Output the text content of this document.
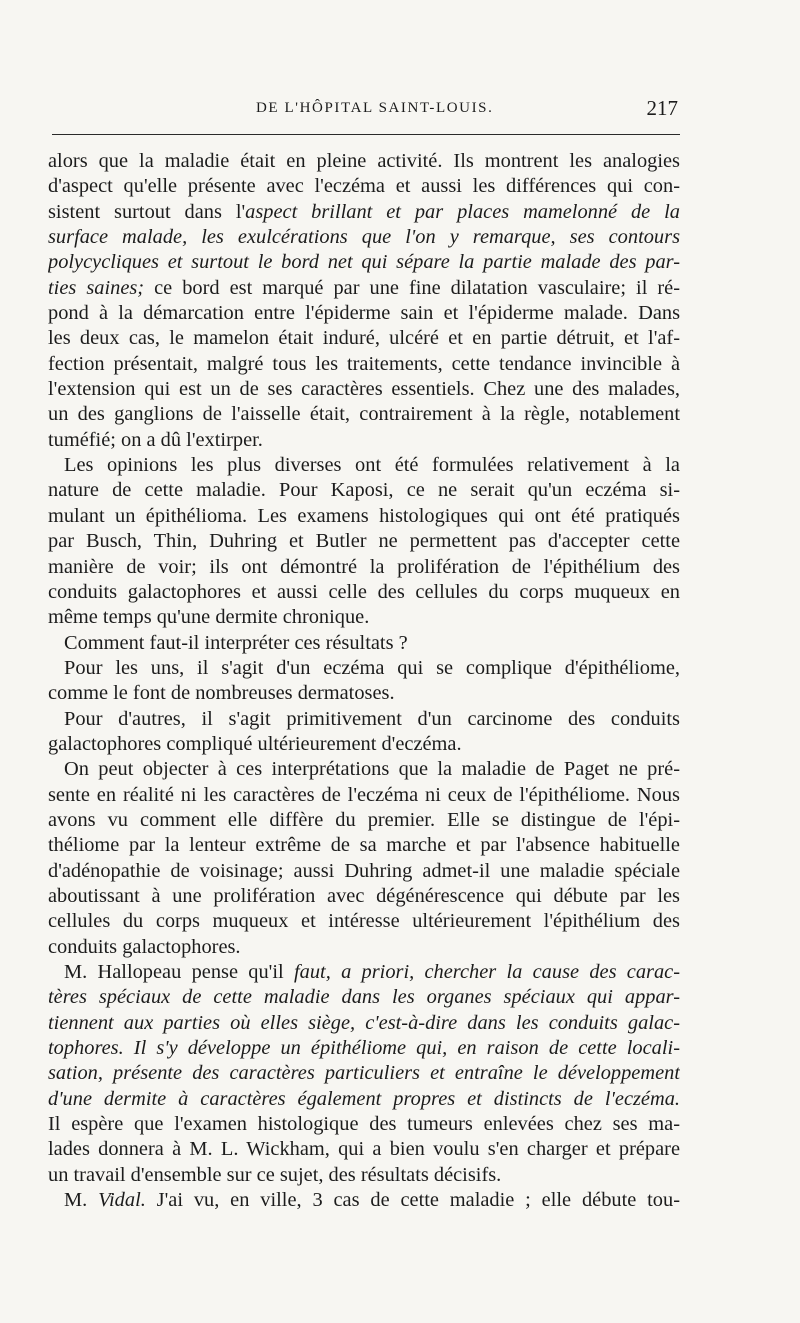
DE L'HÔPITAL SAINT-LOUIS.	217
alors que la maladie était en pleine activité. Ils montrent les analogies
d'aspect qu'elle présente avec l'eczéma et aussi les différences qui con-
sistent surtout dans l'aspect brillant et par places mamelonné de la
surface malade, les exulcérations que l'on y remarque, ses contours
polycycliques et surtout le bord net qui sépare la partie malade des par-
ties saines; ce bord est marqué par une fine dilatation vasculaire; il ré-
pond à la démarcation entre l'épiderme sain et l'épiderme malade. Dans
les deux cas, le mamelon était induré, ulcéré et en partie détruit, et l'af-
fection présentait, malgré tous les traitements, cette tendance invincible à
l'extension qui est un de ses caractères essentiels. Chez une des malades,
un des ganglions de l'aisselle était, contrairement à la règle, notablement
tuméfié; on a dû l'extirper.
Les opinions les plus diverses ont été formulées relativement à la
nature de cette maladie. Pour Kaposi, ce ne serait qu'un eczéma si-
mulant un épithélioma. Les examens histologiques qui ont été pratiqués
par Busch, Thin, Duhring et Butler ne permettent pas d'accepter cette
manière de voir; ils ont démontré la prolifération de l'épithélium des
conduits galactophores et aussi celle des cellules du corps muqueux en
même temps qu'une dermite chronique.
Comment faut-il interpréter ces résultats ?
Pour les uns, il s'agit d'un eczéma qui se complique d'épithéliome,
comme le font de nombreuses dermatoses.
Pour d'autres, il s'agit primitivement d'un carcinome des conduits
galactophores compliqué ultérieurement d'eczéma.
On peut objecter à ces interprétations que la maladie de Paget ne pré-
sente en réalité ni les caractères de l'eczéma ni ceux de l'épithéliome. Nous
avons vu comment elle diffère du premier. Elle se distingue de l'épi-
théliome par la lenteur extrême de sa marche et par l'absence habituelle
d'adénopathie de voisinage; aussi Duhring admet-il une maladie spéciale
aboutissant à une prolifération avec dégénérescence qui débute par les
cellules du corps muqueux et intéresse ultérieurement l'épithélium des
conduits galactophores.
M. Hallopeau pense qu'il faut, a priori, chercher la cause des carac-
tères spéciaux de cette maladie dans les organes spéciaux qui appar-
tiennent aux parties où elles siège, c'est-à-dire dans les conduits galac-
tophores. Il s'y développe un épithéliome qui, en raison de cette locali-
sation, présente des caractères particuliers et entraîne le développement
d'une dermite à caractères également propres et distincts de l'eczéma.
Il espère que l'examen histologique des tumeurs enlevées chez ses ma-
lades donnera à M. L. Wickham, qui a bien voulu s'en charger et prépare
un travail d'ensemble sur ce sujet, des résultats décisifs.
M. Vidal. J'ai vu, en ville, 3 cas de cette maladie ; elle débute tou-
